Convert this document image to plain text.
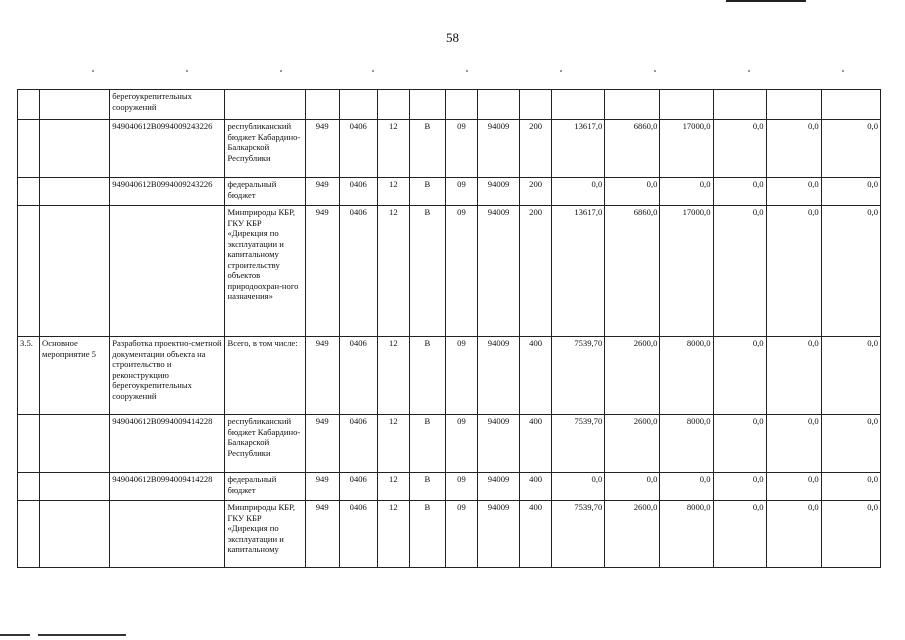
58
		берегоукрепительных сооружений														
		949040612В0994009243226	республиканский бюджет Кабардино-Балкарской Республики	949	0406	12	В	09	94009	200	13617,0	6860,0	17000,0	0,0	0,0	0,0
		949040612В0994009243226	федеральный бюджет	949	0406	12	В	09	94009	200	0,0	0,0	0,0	0,0	0,0	0,0
			Минприроды КБР, ГКУ КБР «Дирекция по эксплуатации и капитальному строительству объектов природоохран-ного назначения»	949	0406	12	В	09	94009	200	13617,0	6860,0	17000,0	0,0	0,0	0,0
3.5.	Основное мероприятие 5	Разработка проектно-сметной документации объекта на строительство и реконструкцию берегоукрепительных сооружений	Всего, в том числе:	949	0406	12	В	09	94009	400	7539,70	2600,0	8000,0	0,0	0,0	0,0
		949040612В0994009414228	республиканский бюджет Кабардино-Балкарской Республики	949	0406	12	В	09	94009	400	7539,70	2600,0	8000,0	0,0	0,0	0,0
		949040612В0994009414228	федеральный бюджет	949	0406	12	В	09	94009	400	0,0	0,0	0,0	0,0	0,0	0,0

			Минприроды КБР, ГКУ КБР «Дирекция по эксплуатации и капитальному	949	0406	12	В	09	94009	400	7539,70	2600,0	8000,0	0,0	0,0	0,0
